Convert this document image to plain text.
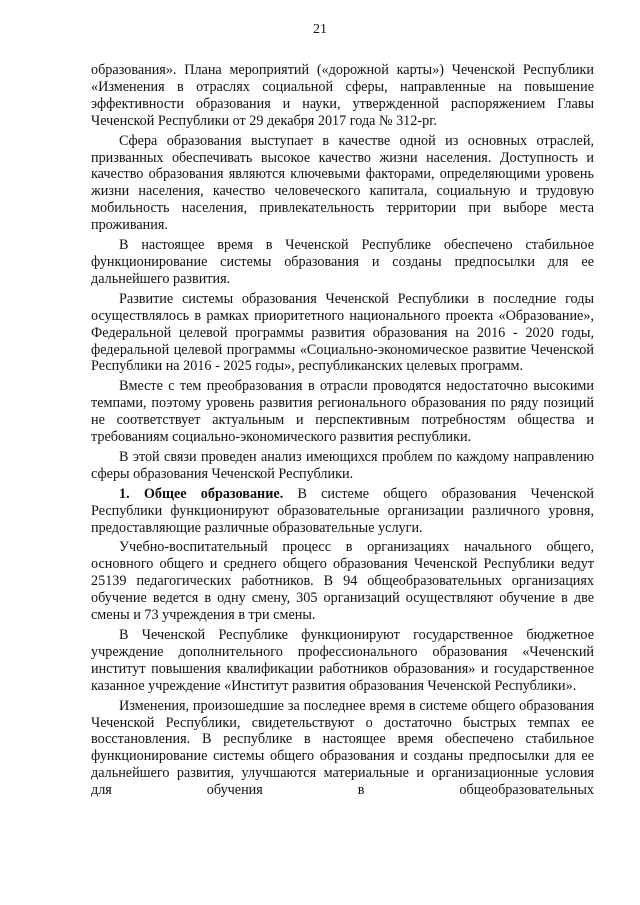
21

образования». Плана мероприятий («дорожной карты») Чеченской Республики «Изменения в отраслях социальной сферы, направленные на повышение эффективности образования и науки, утвержденной распоряжением Главы Чеченской Республики от 29 декабря 2017 года № 312-рг.

Сфера образования выступает в качестве одной из основных отраслей, призванных обеспечивать высокое качество жизни населения. Доступность и качество образования являются ключевыми факторами, определяющими уровень жизни населения, качество человеческого капитала, социальную и трудовую мобильность населения, привлекательность территории при выборе места проживания.

В настоящее время в Чеченской Республике обеспечено стабильное функционирование системы образования и созданы предпосылки для ее дальнейшего развития.

Развитие системы образования Чеченской Республики в последние годы осуществлялось в рамках приоритетного национального проекта «Образование», Федеральной целевой программы развития образования на 2016 - 2020 годы, федеральной целевой программы «Социально-экономическое развитие Чеченской Республики на 2016 - 2025 годы», республиканских целевых программ.

Вместе с тем преобразования в отрасли проводятся недостаточно высокими темпами, поэтому уровень развития регионального образования по ряду позиций не соответствует актуальным и перспективным потребностям общества и требованиям социально-экономического развития республики.

В этой связи проведен анализ имеющихся проблем по каждому направлению сферы образования Чеченской Республики.

1. Общее образование. В системе общего образования Чеченской Республики функционируют образовательные организации различного уровня, предоставляющие различные образовательные услуги.

Учебно-воспитательный процесс в организациях начального общего, основного общего и среднего общего образования Чеченской Республики ведут 25139 педагогических работников. В 94 общеобразовательных организациях обучение ведется в одну смену, 305 организаций осуществляют обучение в две смены и 73 учреждения в три смены.

В Чеченской Республике функционируют государственное бюджетное учреждение дополнительного профессионального образования «Чеченский институт повышения квалификации работников образования» и государственное казанное учреждение «Институт развития образования Чеченской Республики».

Изменения, произошедшие за последнее время в системе общего образования Чеченской Республики, свидетельствуют о достаточно быстрых темпах ее восстановления. В республике в настоящее время обеспечено стабильное функционирование системы общего образования и созданы предпосылки для ее дальнейшего развития, улучшаются материальные и организационные условия для обучения в общеобразовательных
